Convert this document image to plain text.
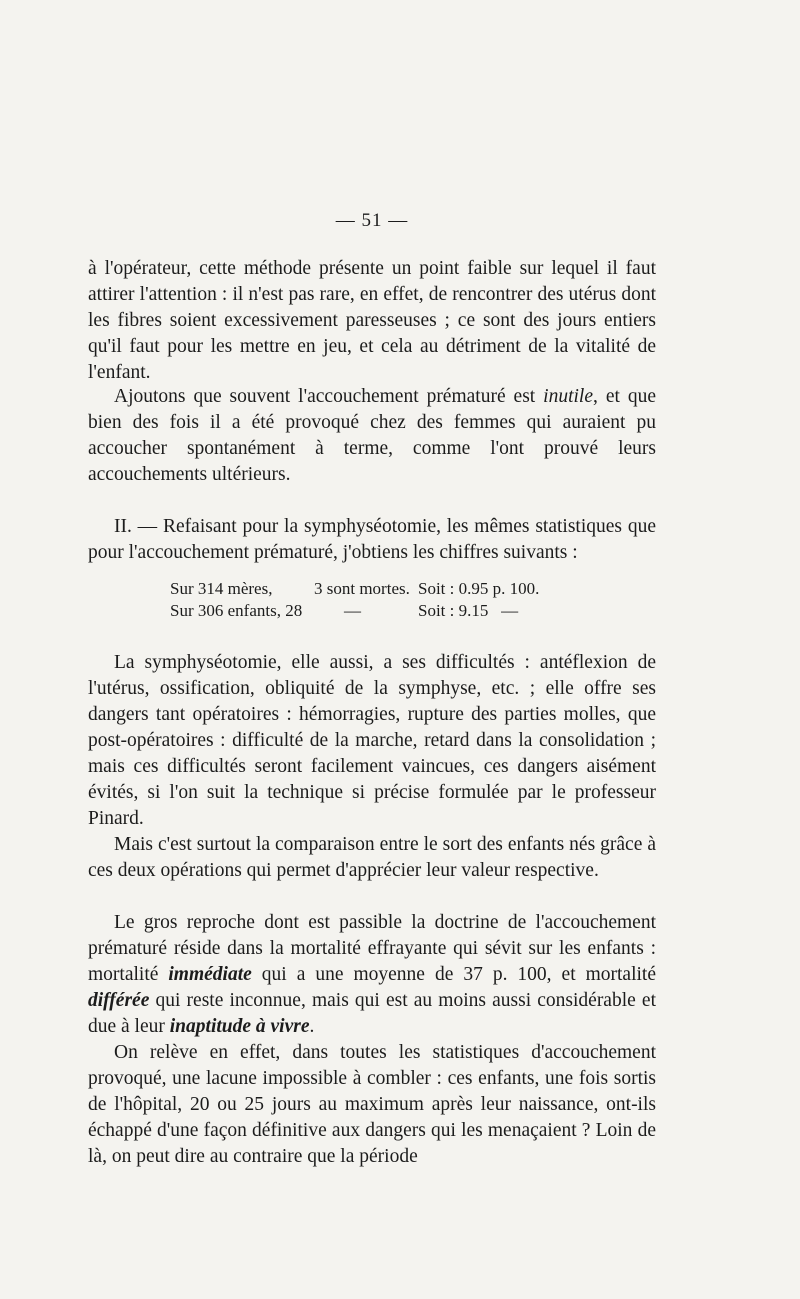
— 51 —

à l'opérateur, cette méthode présente un point faible sur lequel il faut attirer l'attention : il n'est pas rare, en effet, de rencontrer des utérus dont les fibres soient excessivement paresseuses ; ce sont des jours entiers qu'il faut pour les mettre en jeu, et cela au détriment de la vitalité de l'enfant.

Ajoutons que souvent l'accouchement prématuré est inutile, et que bien des fois il a été provoqué chez des femmes qui auraient pu accoucher spontanément à terme, comme l'ont prouvé leurs accouchements ultérieurs.

II. — Refaisant pour la symphyséotomie, les mêmes statistiques que pour l'accouchement prématuré, j'obtiens les chiffres suivants :

Sur 314 mères,	3 sont mortes. Soit : 0.95 p. 100.
Sur 306 enfants, 28	—	Soit : 9.15   —

La symphyséotomie, elle aussi, a ses difficultés : antéflexion de l'utérus, ossification, obliquité de la symphyse, etc. ; elle offre ses dangers tant opératoires : hémorragies, rupture des parties molles, que post-opératoires : difficulté de la marche, retard dans la consolidation ; mais ces difficultés seront facilement vaincues, ces dangers aisément évités, si l'on suit la technique si précise formulée par le professeur Pinard.

Mais c'est surtout la comparaison entre le sort des enfants nés grâce à ces deux opérations qui permet d'apprécier leur valeur respective.

Le gros reproche dont est passible la doctrine de l'accouchement prématuré réside dans la mortalité effrayante qui sévit sur les enfants : mortalité immédiate qui a une moyenne de 37 p. 100, et mortalité différée qui reste inconnue, mais qui est au moins aussi considérable et due à leur inaptitude à vivre.

On relève en effet, dans toutes les statistiques d'accouchement provoqué, une lacune impossible à combler : ces enfants, une fois sortis de l'hôpital, 20 ou 25 jours au maximum après leur naissance, ont-ils échappé d'une façon définitive aux dangers qui les menaçaient ? Loin de là, on peut dire au contraire que la période
